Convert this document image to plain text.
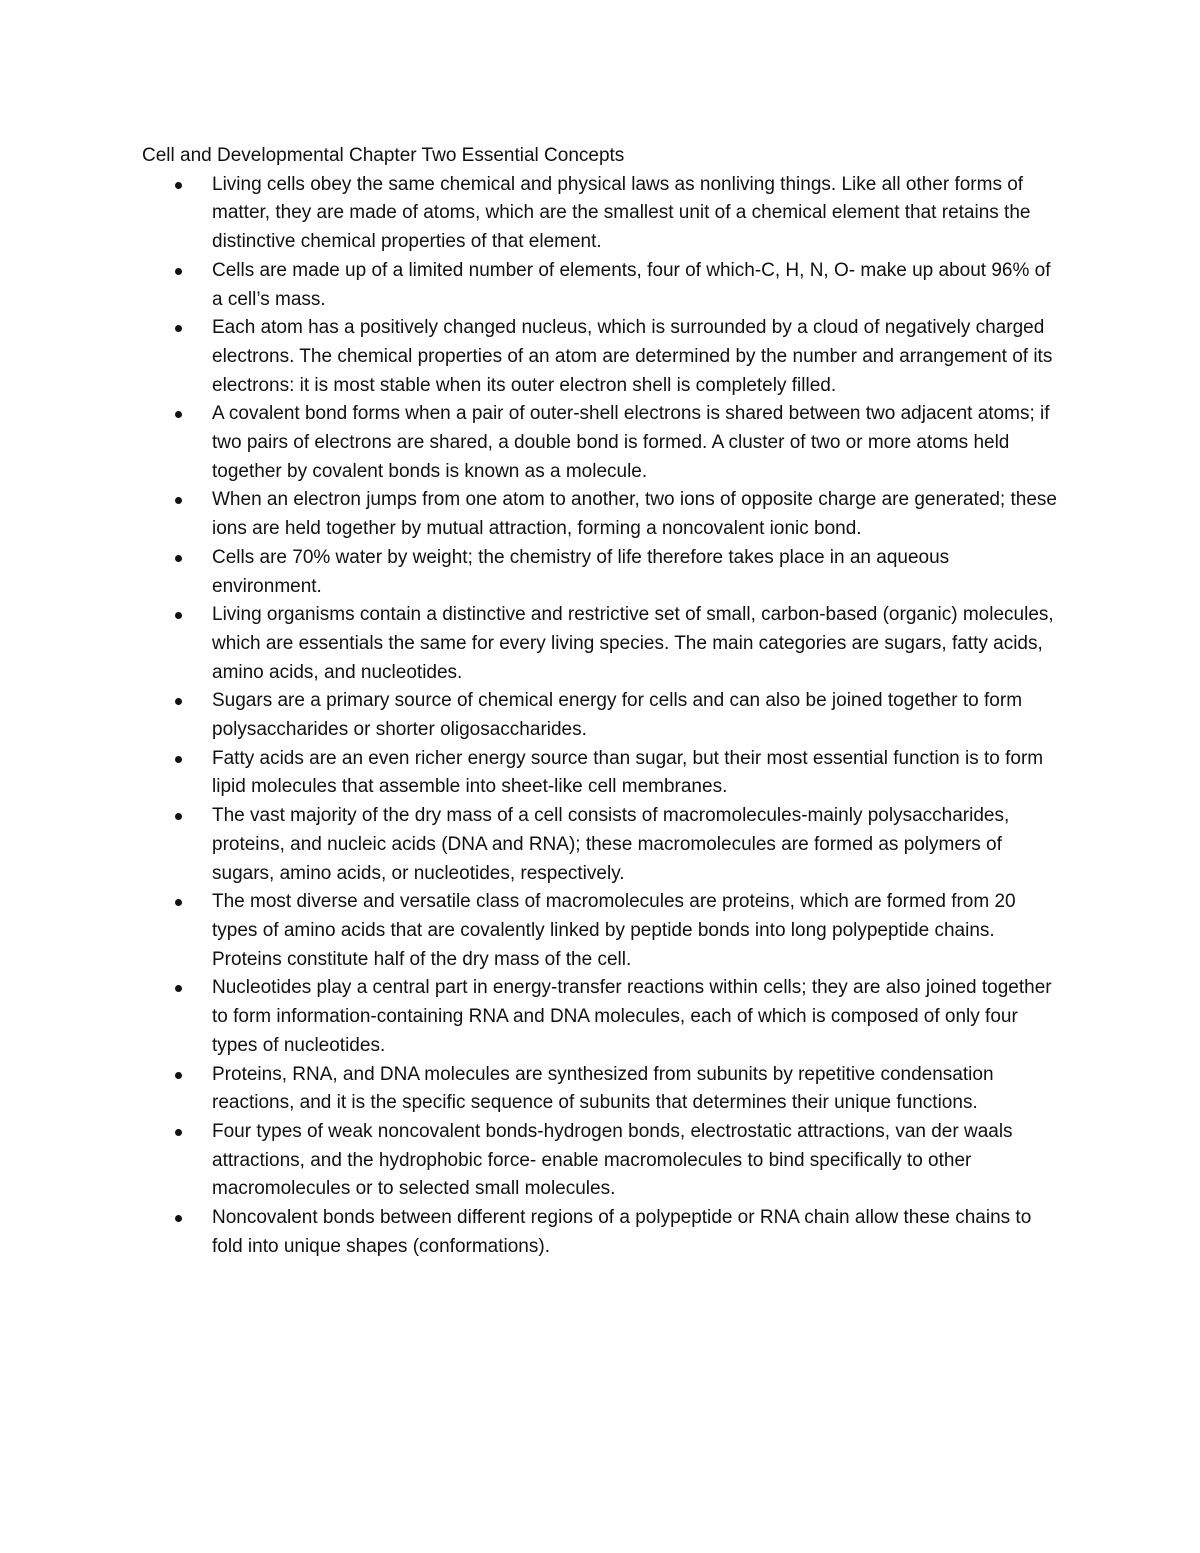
Cell and Developmental Chapter Two Essential Concepts
Living cells obey the same chemical and physical laws as nonliving things. Like all other forms of matter, they are made of atoms, which are the smallest unit of a chemical element that retains the distinctive chemical properties of that element.
Cells are made up of a limited number of elements, four of which-C, H, N, O- make up about 96% of a cell’s mass.
Each atom has a positively changed nucleus, which is surrounded by a cloud of negatively charged electrons. The chemical properties of an atom are determined by the number and arrangement of its electrons: it is most stable when its outer electron shell is completely filled.
A covalent bond forms when a pair of outer-shell electrons is shared between two adjacent atoms; if two pairs of electrons are shared, a double bond is formed. A cluster of two or more atoms held together by covalent bonds is known as a molecule.
When an electron jumps from one atom to another, two ions of opposite charge are generated; these ions are held together by mutual attraction, forming a noncovalent ionic bond.
Cells are 70% water by weight; the chemistry of life therefore takes place in an aqueous environment.
Living organisms contain a distinctive and restrictive set of small, carbon-based (organic) molecules, which are essentials the same for every living species. The main categories are sugars, fatty acids, amino acids, and nucleotides.
Sugars are a primary source of chemical energy for cells and can also be joined together to form polysaccharides or shorter oligosaccharides.
Fatty acids are an even richer energy source than sugar, but their most essential function is to form lipid molecules that assemble into sheet-like cell membranes.
The vast majority of the dry mass of a cell consists of macromolecules-mainly polysaccharides, proteins, and nucleic acids (DNA and RNA); these macromolecules are formed as polymers of sugars, amino acids, or nucleotides, respectively.
The most diverse and versatile class of macromolecules are proteins, which are formed from 20 types of amino acids that are covalently linked by peptide bonds into long polypeptide chains. Proteins constitute half of the dry mass of the cell.
Nucleotides play a central part in energy-transfer reactions within cells; they are also joined together to form information-containing RNA and DNA molecules, each of which is composed of only four types of nucleotides.
Proteins, RNA, and DNA molecules are synthesized from subunits by repetitive condensation reactions, and it is the specific sequence of subunits that determines their unique functions.
Four types of weak noncovalent bonds-hydrogen bonds, electrostatic attractions, van der waals attractions, and the hydrophobic force- enable macromolecules to bind specifically to other macromolecules or to selected small molecules.
Noncovalent bonds between different regions of a polypeptide or RNA chain allow these chains to fold into unique shapes (conformations).
